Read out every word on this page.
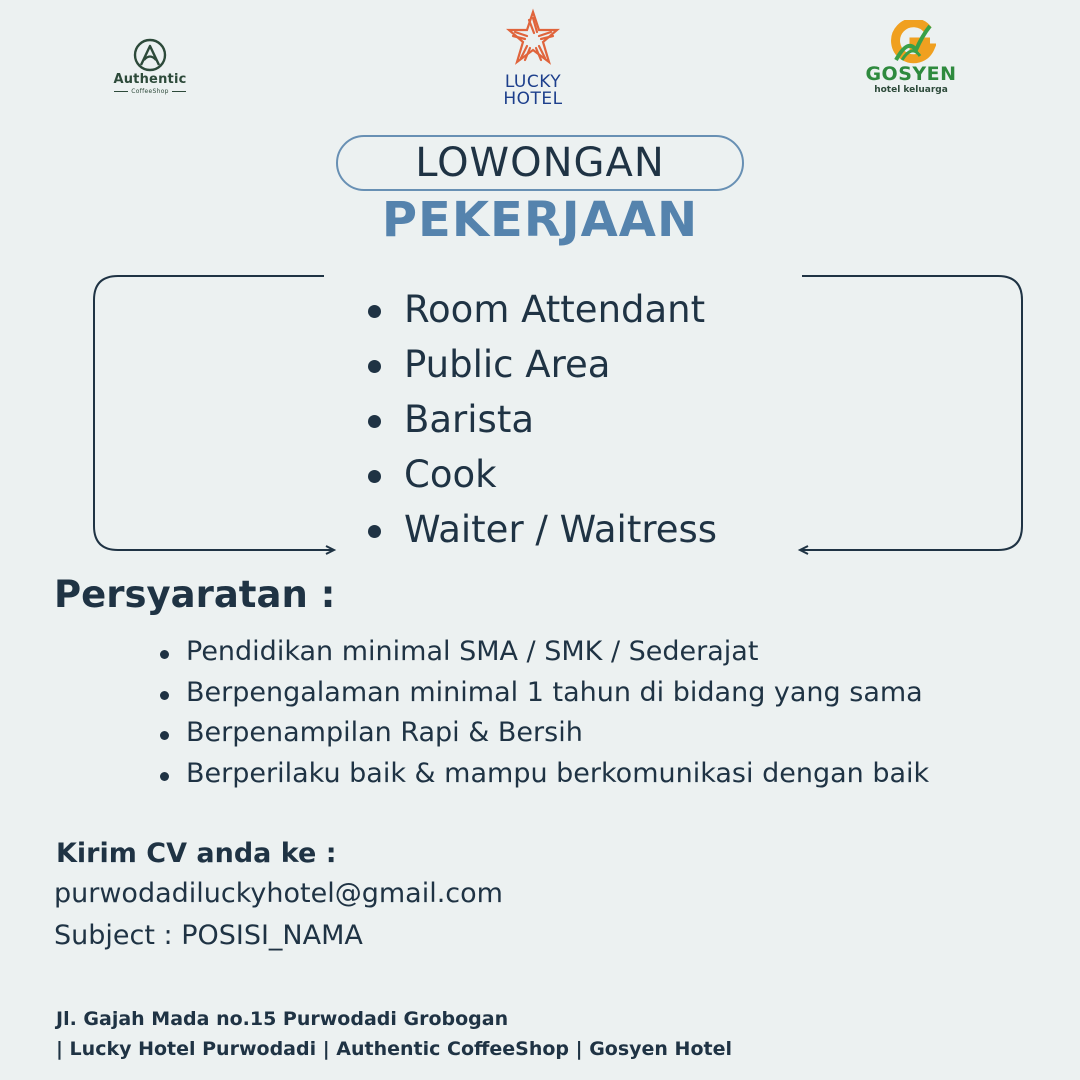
Authentic
CoffeeShop	LUCKY
HOTEL
GOSYEN
hotel keluarga
LOWONGAN
PEKERJAAN
Room Attendant
Public Area
Barista
Cook
Waiter / Waitress
Persyaratan :
Pendidikan minimal SMA / SMK / Sederajat
Berpengalaman minimal 1 tahun di bidang yang sama
Berpenampilan Rapi & Bersih
Berperilaku baik & mampu berkomunikasi dengan baik
Kirim CV anda ke :
purwodadiluckyhotel@gmail.com
Subject : POSISI_NAMA
Jl. Gajah Mada no.15 Purwodadi Grobogan
| Lucky Hotel Purwodadi | Authentic CoffeeShop | Gosyen Hotel
